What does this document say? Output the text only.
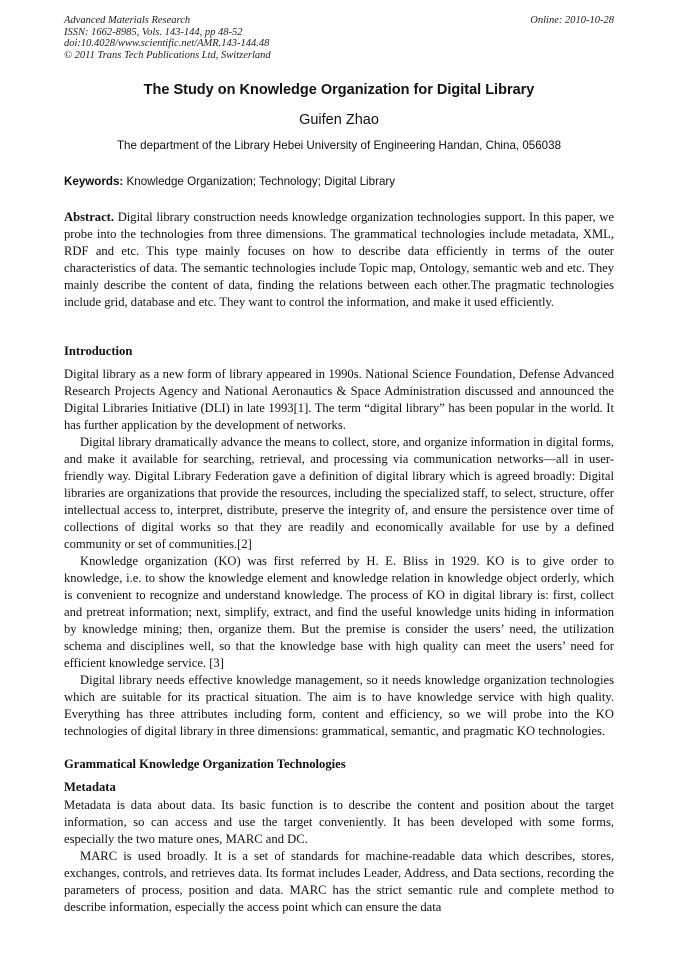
Advanced Materials Research
ISSN: 1662-8985, Vols. 143-144, pp 48-52
doi:10.4028/www.scientific.net/AMR.143-144.48
© 2011 Trans Tech Publications Ltd, Switzerland
Online: 2010-10-28
The Study on Knowledge Organization for Digital Library
Guifen Zhao
The department of the Library Hebei University of Engineering Handan, China, 056038
Keywords: Knowledge Organization; Technology; Digital Library

Abstract. Digital library construction needs knowledge organization technologies support. In this paper, we probe into the technologies from three dimensions. The grammatical technologies include metadata, XML, RDF and etc. This type mainly focuses on how to describe data efficiently in terms of the outer characteristics of data. The semantic technologies include Topic map, Ontology, semantic web and etc. They mainly describe the content of data, finding the relations between each other.The pragmatic technologies include grid, database and etc. They want to control the information, and make it used efficiently.

Introduction

Digital library as a new form of library appeared in 1990s. National Science Foundation, Defense Advanced Research Projects Agency and National Aeronautics & Space Administration discussed and announced the Digital Libraries Initiative (DLI) in late 1993[1]. The term “digital library” has been popular in the world. It has further application by the development of networks.

Digital library dramatically advance the means to collect, store, and organize information in digital forms, and make it available for searching, retrieval, and processing via communication networks—all in user-friendly way. Digital Library Federation gave a definition of digital library which is agreed broadly: Digital libraries are organizations that provide the resources, including the specialized staff, to select, structure, offer intellectual access to, interpret, distribute, preserve the integrity of, and ensure the persistence over time of collections of digital works so that they are readily and economically available for use by a defined community or set of communities.[2]

Knowledge organization (KO) was first referred by H. E. Bliss in 1929. KO is to give order to knowledge, i.e. to show the knowledge element and knowledge relation in knowledge object orderly, which is convenient to recognize and understand knowledge. The process of KO in digital library is: first, collect and pretreat information; next, simplify, extract, and find the useful knowledge units hiding in information by knowledge mining; then, organize them. But the premise is consider the users’ need, the utilization schema and disciplines well, so that the knowledge base with high quality can meet the users’ need for efficient knowledge service. [3]

Digital library needs effective knowledge management, so it needs knowledge organization technologies which are suitable for its practical situation. The aim is to have knowledge service with high quality. Everything has three attributes including form, content and efficiency, so we will probe into the KO technologies of digital library in three dimensions: grammatical, semantic, and pragmatic KO technologies.

Grammatical Knowledge Organization Technologies
Metadata

Metadata is data about data. Its basic function is to describe the content and position about the target information, so can access and use the target conveniently. It has been developed with some forms, especially the two mature ones, MARC and DC.

MARC is used broadly. It is a set of standards for machine-readable data which describes, stores, exchanges, controls, and retrieves data. Its format includes Leader, Address, and Data sections, recording the parameters of process, position and data. MARC has the strict semantic rule and complete method to describe information, especially the access point which can ensure the data
